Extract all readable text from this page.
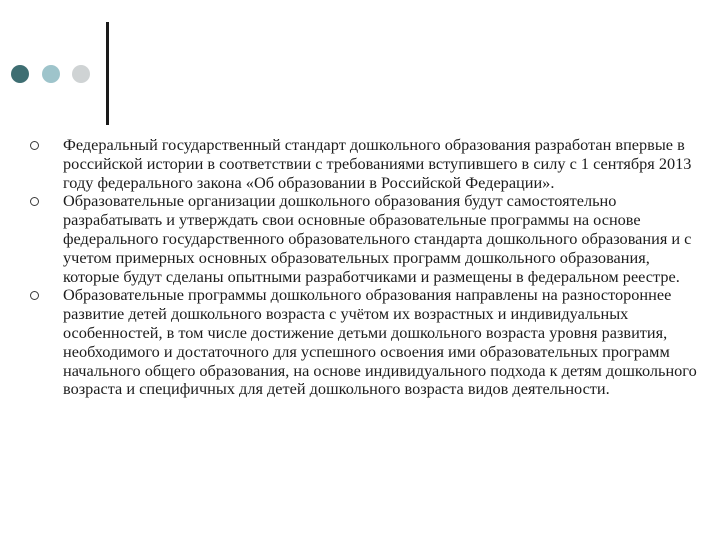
Федеральный государственный стандарт дошкольного образования разработан впервые в российской истории в соответствии с требованиями вступившего в силу с 1 сентября 2013 году федерального закона «Об образовании в Российской Федерации».

Образовательные организации дошкольного образования будут самостоятельно разрабатывать и утверждать свои основные образовательные программы на основе федерального государственного образовательного стандарта дошкольного образования и с учетом примерных основных образовательных программ дошкольного образования, которые будут сделаны опытными разработчиками и размещены в федеральном реестре.

Образовательные программы дошкольного образования направлены на разностороннее развитие детей дошкольного возраста с учётом их возрастных и индивидуальных особенностей, в том числе достижение детьми дошкольного возраста уровня развития, необходимого и достаточного для успешного освоения ими образовательных программ начального общего образования, на основе индивидуального подхода к детям дошкольного возраста и специфичных для детей дошкольного возраста видов деятельности.
